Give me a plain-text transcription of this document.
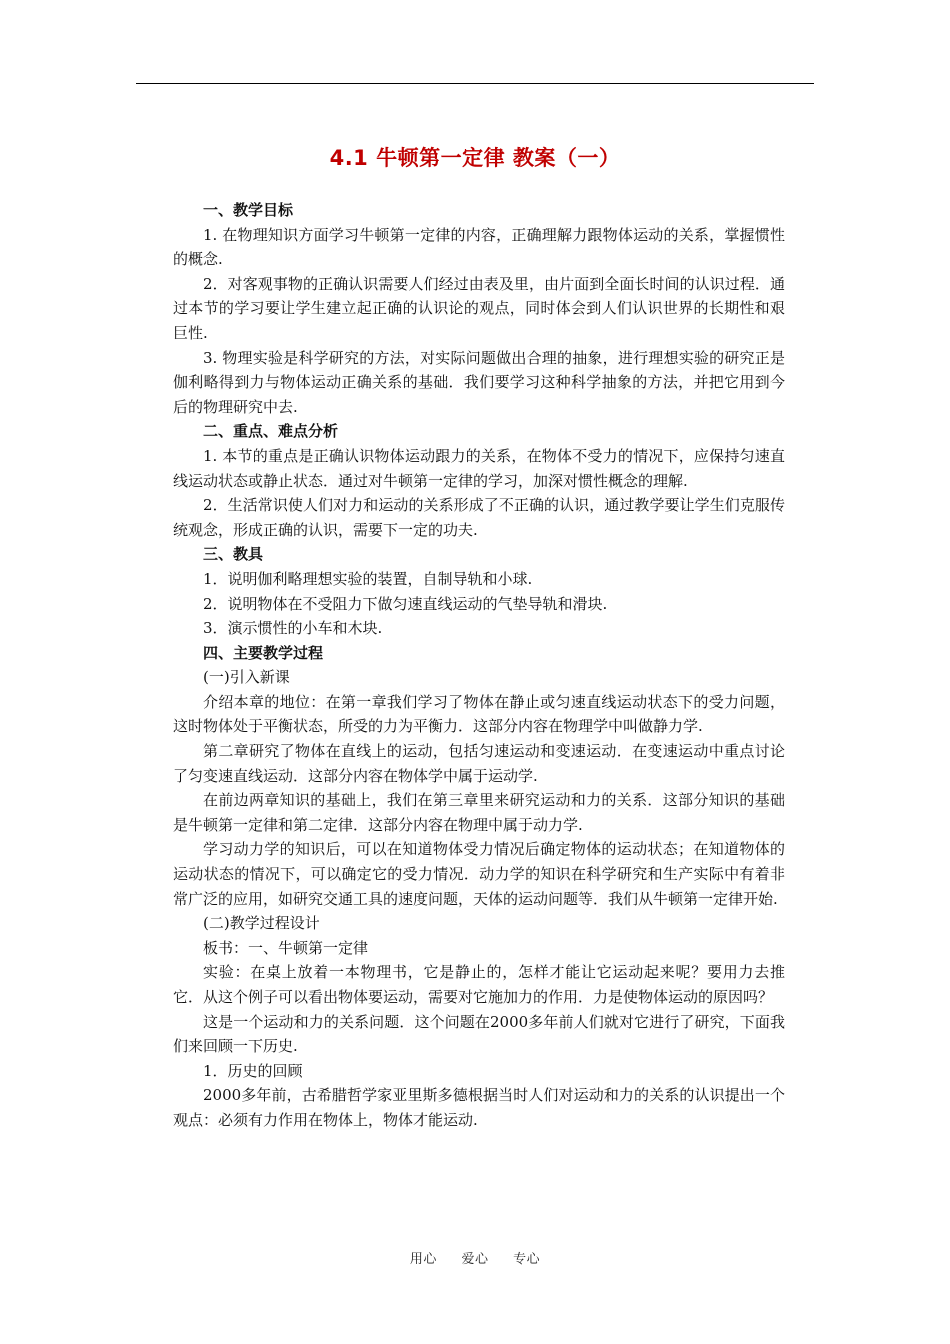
4.1 牛顿第一定律 教案（一）

一、教学目标

1. 在物理知识方面学习牛顿第一定律的内容，正确理解力跟物体运动的关系，掌握惯性的概念.

2．对客观事物的正确认识需要人们经过由表及里，由片面到全面长时间的认识过程．通过本节的学习要让学生建立起正确的认识论的观点，同时体会到人们认识世界的长期性和艰巨性.

3. 物理实验是科学研究的方法，对实际问题做出合理的抽象，进行理想实验的研究正是伽利略得到力与物体运动正确关系的基础．我们要学习这种科学抽象的方法，并把它用到今后的物理研究中去.

二、重点、难点分析

1. 本节的重点是正确认识物体运动跟力的关系，在物体不受力的情况下，应保持匀速直线运动状态或静止状态．通过对牛顿第一定律的学习，加深对惯性概念的理解.

2．生活常识使人们对力和运动的关系形成了不正确的认识，通过教学要让学生们克服传统观念，形成正确的认识，需要下一定的功夫.

三、教具

1．说明伽利略理想实验的装置，自制导轨和小球.

2．说明物体在不受阻力下做匀速直线运动的气垫导轨和滑块.

3．演示惯性的小车和木块.

四、主要教学过程

(一)引入新课

介绍本章的地位：在第一章我们学习了物体在静止或匀速直线运动状态下的受力问题，这时物体处于平衡状态，所受的力为平衡力．这部分内容在物理学中叫做静力学.

第二章研究了物体在直线上的运动，包括匀速运动和变速运动．在变速运动中重点讨论了匀变速直线运动．这部分内容在物体学中属于运动学.

在前边两章知识的基础上，我们在第三章里来研究运动和力的关系．这部分知识的基础是牛顿第一定律和第二定律．这部分内容在物理中属于动力学.

学习动力学的知识后，可以在知道物体受力情况后确定物体的运动状态；在知道物体的运动状态的情况下，可以确定它的受力情况．动力学的知识在科学研究和生产实际中有着非常广泛的应用，如研究交通工具的速度问题，天体的运动问题等．我们从牛顿第一定律开始.

(二)教学过程设计

板书：一、牛顿第一定律

实验：在桌上放着一本物理书，它是静止的，怎样才能让它运动起来呢？要用力去推它．从这个例子可以看出物体要运动，需要对它施加力的作用．力是使物体运动的原因吗？

这是一个运动和力的关系问题．这个问题在2000多年前人们就对它进行了研究，下面我们来回顾一下历史.

1．历史的回顾

2000多年前，古希腊哲学家亚里斯多德根据当时人们对运动和力的关系的认识提出一个观点：必须有力作用在物体上，物体才能运动.

用心 爱心 专心
